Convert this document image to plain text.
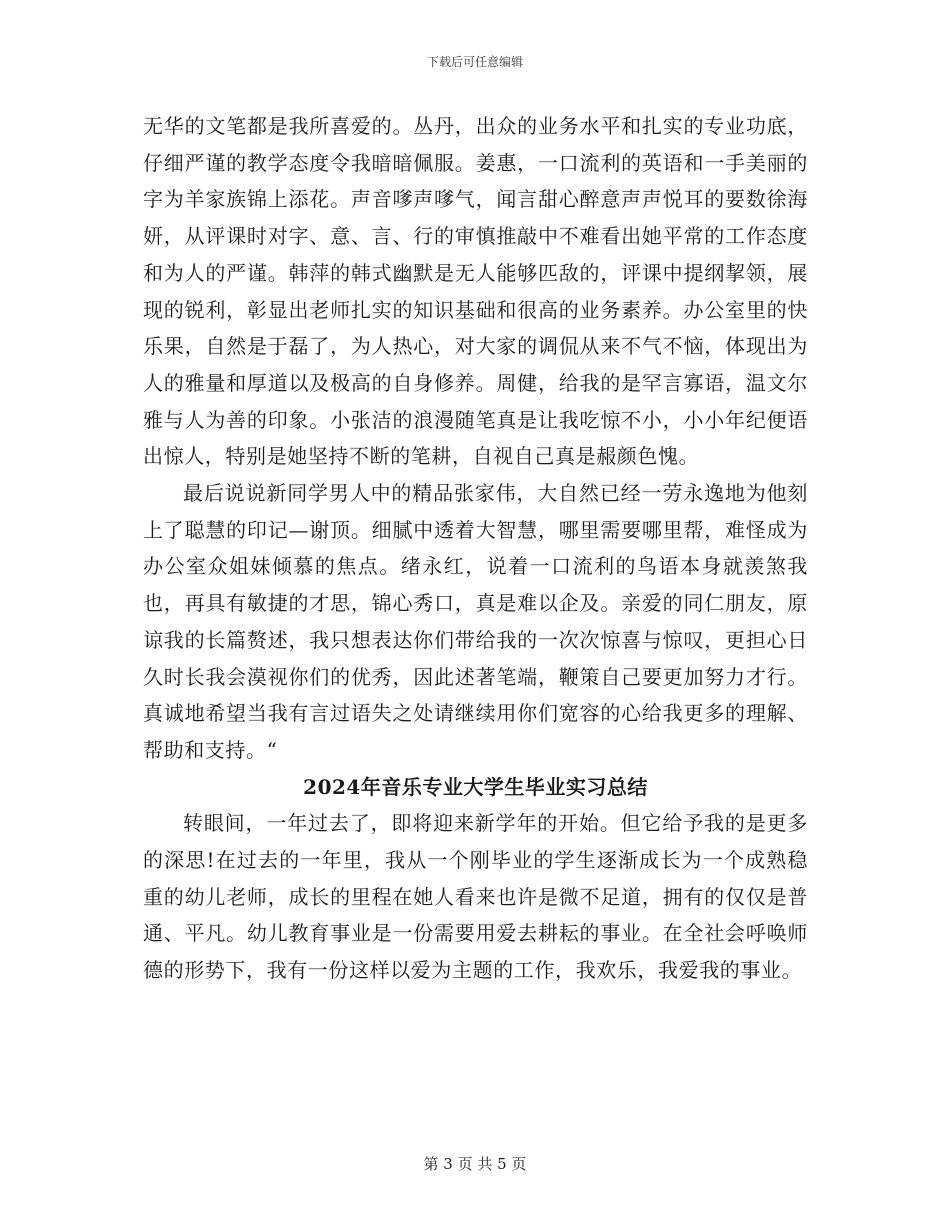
下载后可任意编辑

无华的文笔都是我所喜爱的。丛丹，出众的业务水平和扎实的专业功底，仔细严谨的教学态度令我暗暗佩服。姜惠，一口流利的英语和一手美丽的字为羊家族锦上添花。声音嗲声嗲气，闻言甜心醉意声声悦耳的要数徐海妍，从评课时对字、意、言、行的审慎推敲中不难看出她平常的工作态度和为人的严谨。韩萍的韩式幽默是无人能够匹敌的，评课中提纲挈领，展现的锐利，彰显出老师扎实的知识基础和很高的业务素养。办公室里的快乐果，自然是于磊了，为人热心，对大家的调侃从来不气不恼，体现出为人的雅量和厚道以及极高的自身修养。周健，给我的是罕言寡语，温文尔雅与人为善的印象。小张洁的浪漫随笔真是让我吃惊不小，小小年纪便语出惊人，特别是她坚持不断的笔耕，自视自己真是赧颜色愧。

最后说说新同学男人中的精品张家伟，大自然已经一劳永逸地为他刻上了聪慧的印记—谢顶。细腻中透着大智慧，哪里需要哪里帮，难怪成为办公室众姐妹倾慕的焦点。绪永红，说着一口流利的鸟语本身就羡煞我也，再具有敏捷的才思，锦心秀口，真是难以企及。亲爱的同仁朋友，原谅我的长篇赘述，我只想表达你们带给我的一次次惊喜与惊叹，更担心日久时长我会漠视你们的优秀，因此述著笔端，鞭策自己要更加努力才行。真诚地希望当我有言过语失之处请继续用你们宽容的心给我更多的理解、帮助和支持。“

2024年音乐专业大学生毕业实习总结

转眼间，一年过去了，即将迎来新学年的开始。但它给予我的是更多的深思!在过去的一年里，我从一个刚毕业的学生逐渐成长为一个成熟稳重的幼儿老师，成长的里程在她人看来也许是微不足道，拥有的仅仅是普通、平凡。幼儿教育事业是一份需要用爱去耕耘的事业。在全社会呼唤师德的形势下，我有一份这样以爱为主题的工作，我欢乐，我爱我的事业。

第 3 页 共 5 页
